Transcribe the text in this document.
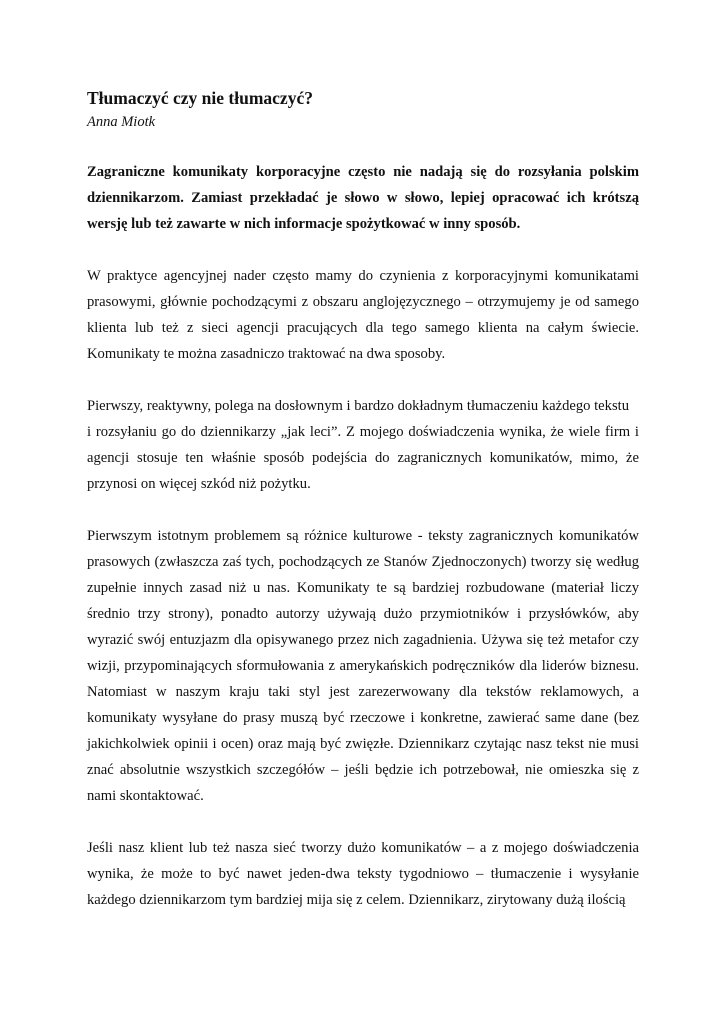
Tłumaczyć czy nie tłumaczyć?

Anna Miotk

Zagraniczne komunikaty korporacyjne często nie nadają się do rozsyłania polskim dziennikarzom. Zamiast przekładać je słowo w słowo, lepiej opracować ich krótszą wersję lub też zawarte w nich informacje spożytkować w inny sposób.

W praktyce agencyjnej nader często mamy do czynienia z korporacyjnymi komunikatami prasowymi, głównie pochodzącymi z obszaru anglojęzycznego – otrzymujemy je od samego klienta lub też z sieci agencji pracujących dla tego samego klienta na całym świecie. Komunikaty te można zasadniczo traktować na dwa sposoby.

Pierwszy, reaktywny, polega na dosłownym i bardzo dokładnym tłumaczeniu każdego tekstu
i rozsyłaniu go do dziennikarzy „jak leci”. Z mojego doświadczenia wynika, że wiele firm i agencji stosuje ten właśnie sposób podejścia do zagranicznych komunikatów, mimo, że przynosi on więcej szkód niż pożytku.

Pierwszym istotnym problemem są różnice kulturowe - teksty zagranicznych komunikatów prasowych (zwłaszcza zaś tych, pochodzących ze Stanów Zjednoczonych) tworzy się według zupełnie innych zasad niż u nas. Komunikaty te są bardziej rozbudowane (materiał liczy średnio trzy strony), ponadto autorzy używają dużo przymiotników i przysłówków, aby wyrazić swój entuzjazm dla opisywanego przez nich zagadnienia. Używa się też metafor czy wizji, przypominających sformułowania z amerykańskich podręczników dla liderów biznesu. Natomiast w naszym kraju taki styl jest zarezerwowany dla tekstów reklamowych, a komunikaty wysyłane do prasy muszą być rzeczowe i konkretne, zawierać same dane (bez jakichkolwiek opinii i ocen) oraz mają być zwięzłe. Dziennikarz czytając nasz tekst nie musi znać absolutnie wszystkich szczegółów – jeśli będzie ich potrzebował, nie omieszka się z nami skontaktować.

Jeśli nasz klient lub też nasza sieć tworzy dużo komunikatów – a z mojego doświadczenia wynika, że może to być nawet jeden-dwa teksty tygodniowo – tłumaczenie i wysyłanie każdego dziennikarzom tym bardziej mija się z celem. Dziennikarz, zirytowany dużą ilością
